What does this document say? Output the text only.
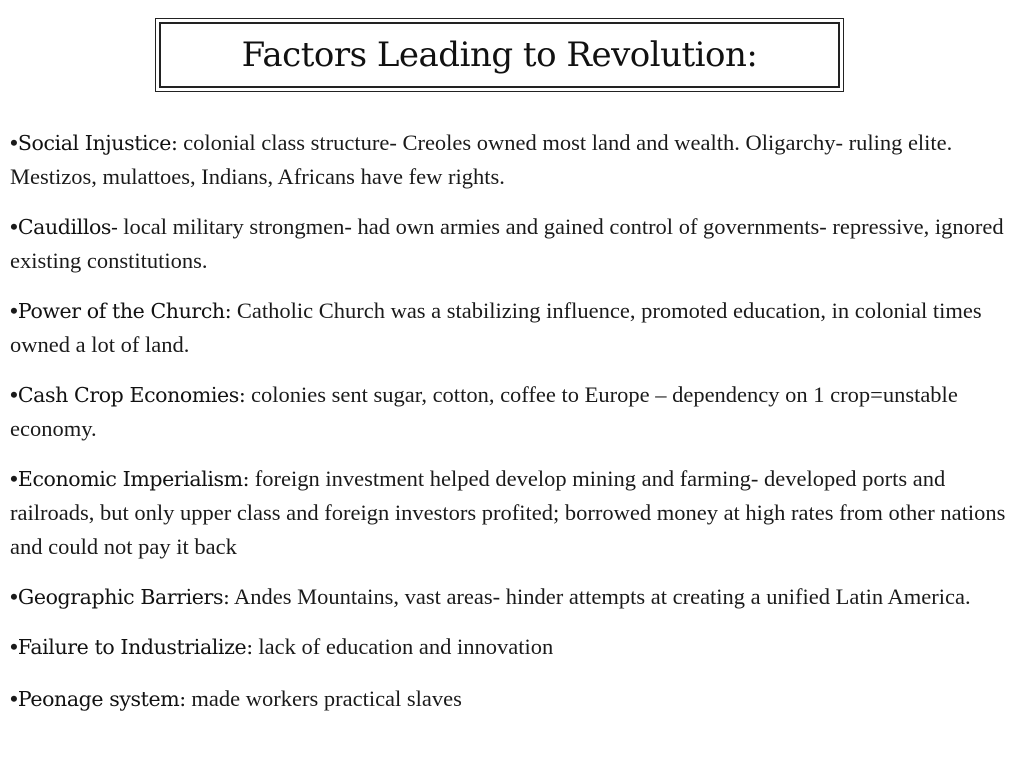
Factors Leading to Revolution:
•Social Injustice: colonial class structure- Creoles owned most land and wealth. Oligarchy- ruling elite. Mestizos, mulattoes, Indians, Africans have few rights.
•Caudillos- local military strongmen- had own armies and gained control of governments- repressive, ignored existing constitutions.
•Power of the Church: Catholic Church was a stabilizing influence, promoted education, in colonial times owned a lot of land.
•Cash Crop Economies: colonies sent sugar, cotton, coffee to Europe – dependency on 1 crop=unstable economy.
•Economic Imperialism: foreign investment helped develop mining and farming- developed ports and railroads, but only upper class and foreign investors profited; borrowed money at high rates from other nations and could not pay it back
•Geographic Barriers: Andes Mountains, vast areas- hinder attempts at creating a unified Latin America.
•Failure to Industrialize: lack of education and innovation
•Peonage system: made workers practical slaves
